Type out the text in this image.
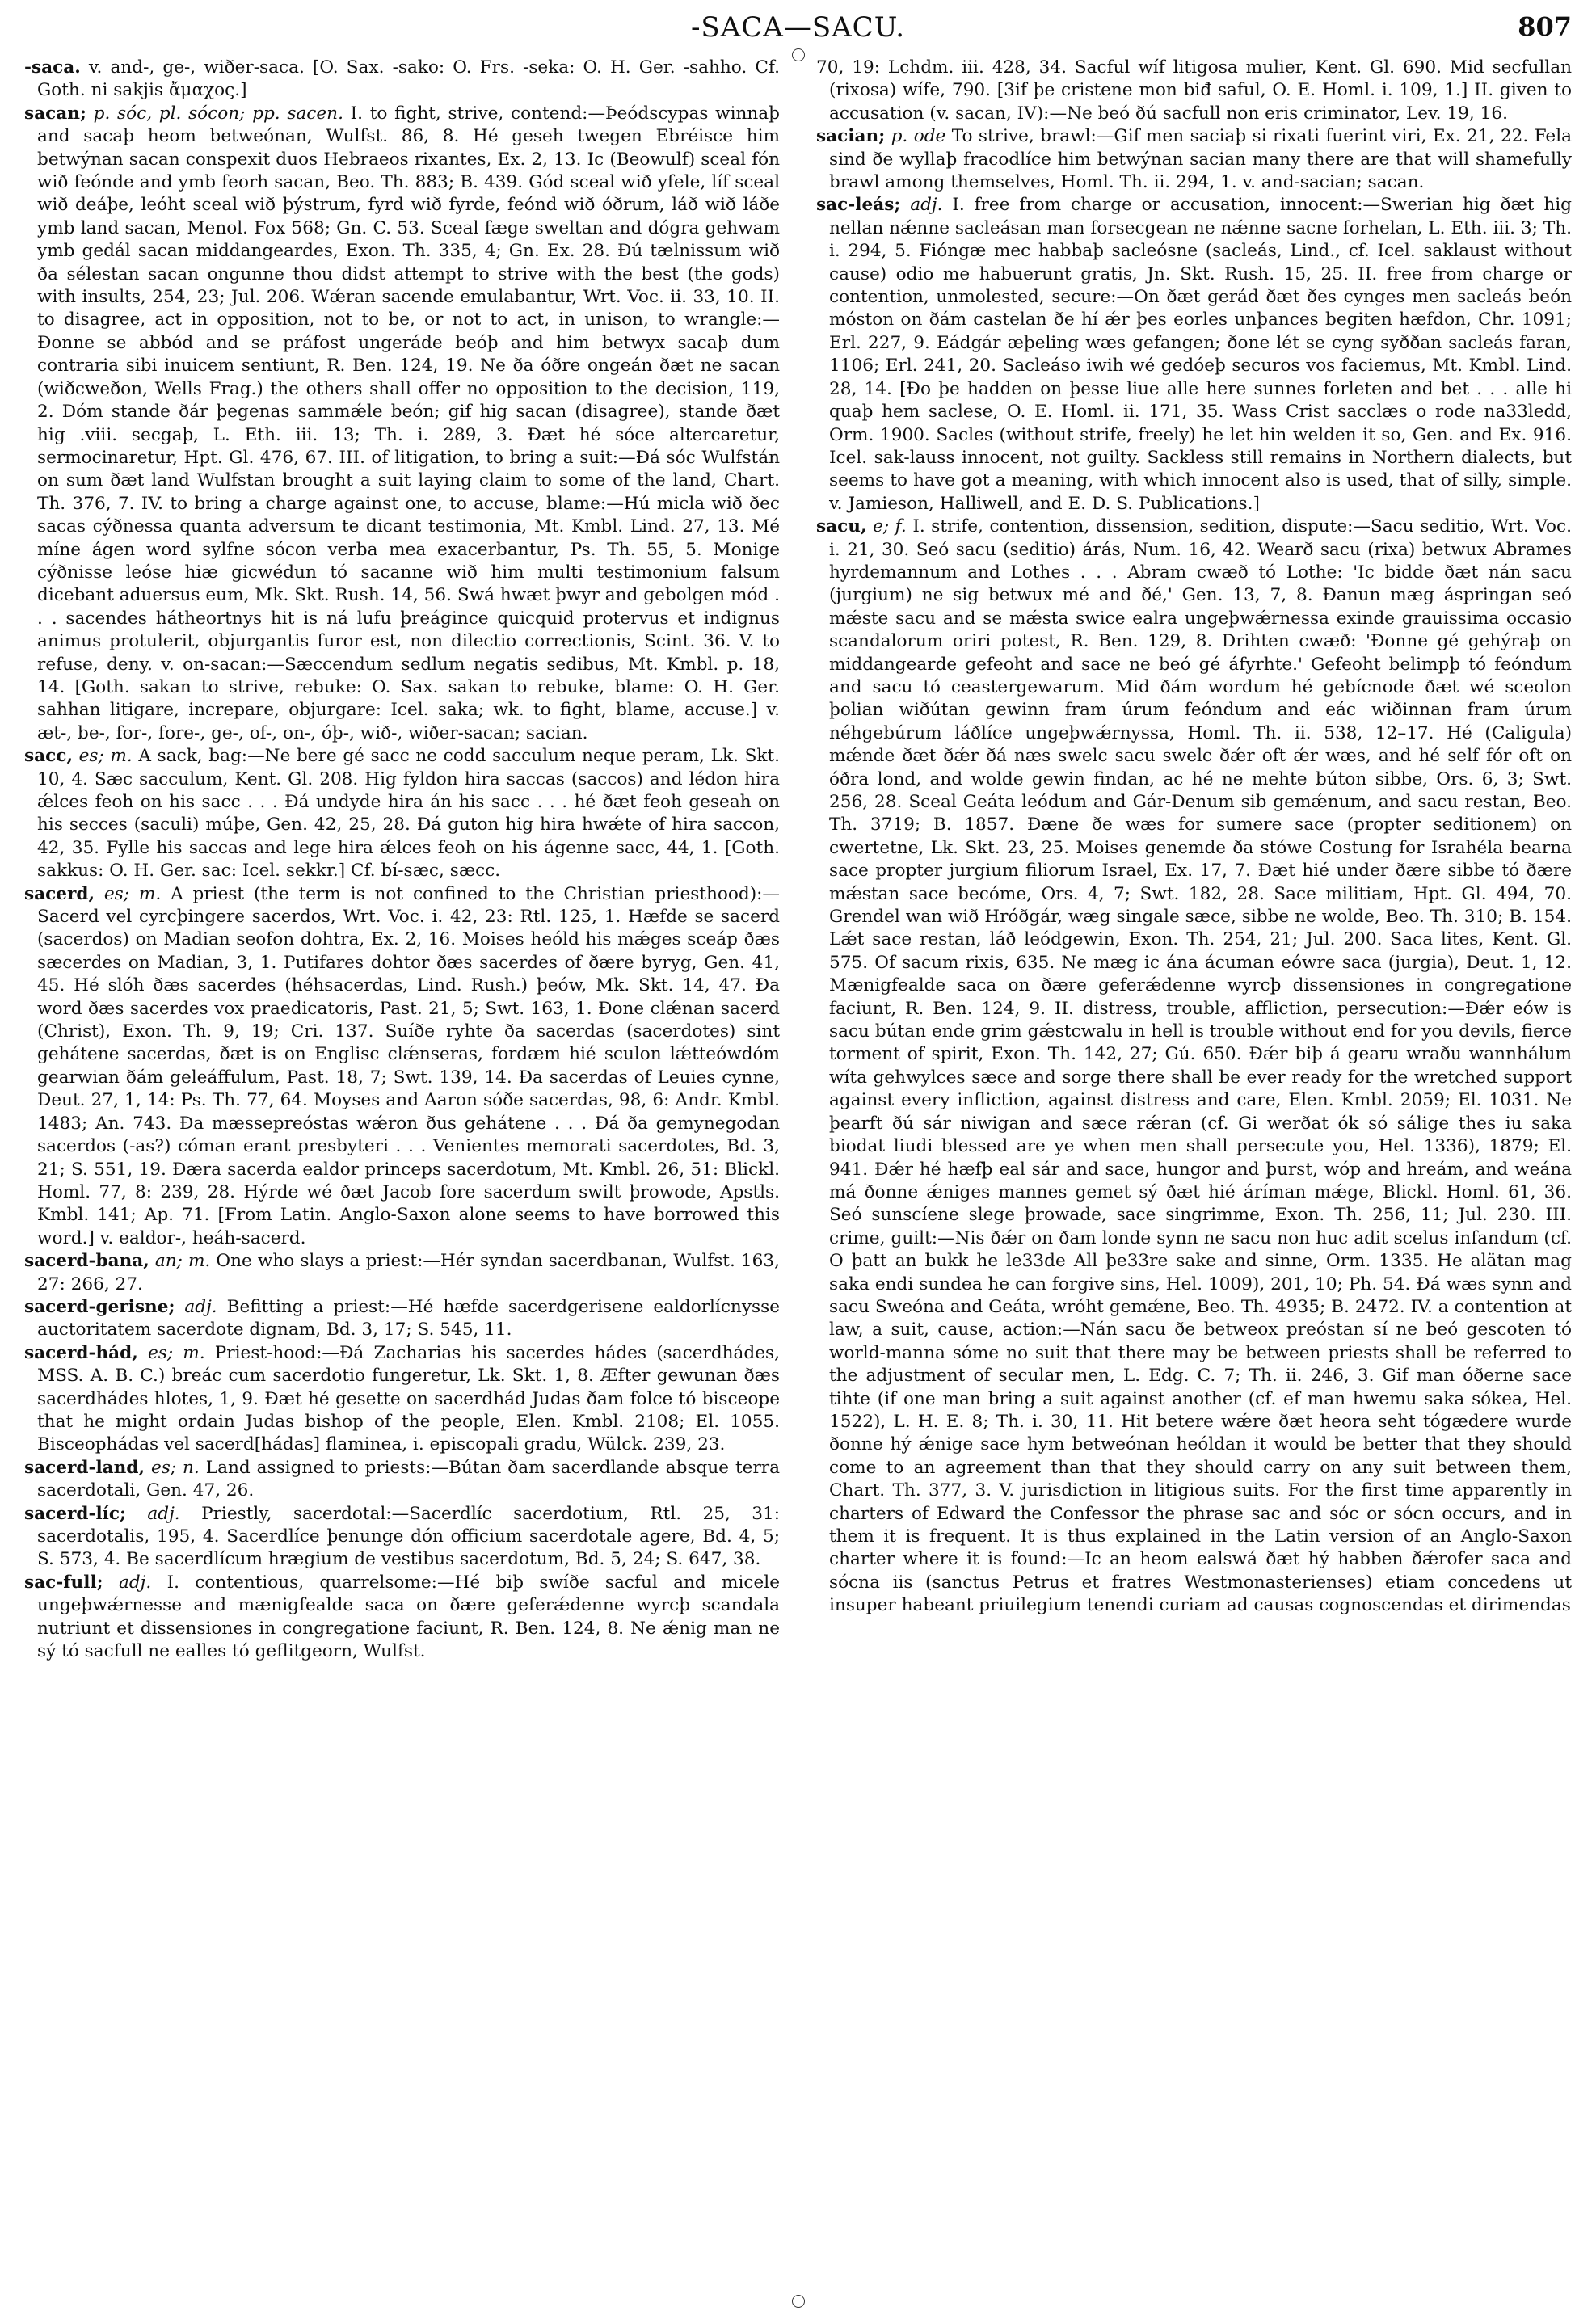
-SACA—SACU.	807

-saca. v. and-, ge-, wiðer-saca. [O. Sax. -sako: O. Frs. -seka: O. H. Ger. -sahho. Cf. Goth. ni sakjis ἄμαχος.]

sacan; p. sóc, pl. sócon; pp. sacen. I. to fight, strive, contend:—Þeódscypas winnaþ and sacaþ heom betweónan, Wulfst. 86, 8. Hé geseh twegen Ebréisce him betwýnan sacan conspexit duos Hebraeos rixantes, Ex. 2, 13. Ic (Beowulf) sceal fón wið feónde and ymb feorh sacan, Beo. Th. 883; B. 439. Gód sceal wið yfele, líf sceal wið deáþe, leóht sceal wið þýstrum, fyrd wið fyrde, feónd wið óðrum, láð wið láðe ymb land sacan, Menol. Fox 568; Gn. C. 53. Sceal fæge sweltan and dógra gehwam ymb gedál sacan middangeardes, Exon. Th. 335, 4; Gn. Ex. 28. Ðú tælnissum wið ða sélestan sacan ongunne thou didst attempt to strive with the best (the gods) with insults, 254, 23; Jul. 206. Wǽran sacende emulabantur, Wrt. Voc. ii. 33, 10. II. to disagree, act in opposition, not to be, or not to act, in unison, to wrangle:—Ðonne se abbód and se práfost ungeráde beóþ and him betwyx sacaþ dum contraria sibi inuicem sentiunt, R. Ben. 124, 19. Ne ða óðre ongeán ðæt ne sacan (wiðcweðon, Wells Frag.) the others shall offer no opposition to the decision, 119, 2. Dóm stande ðár þegenas sammǽle beón; gif hig sacan (disagree), stande ðæt hig .viii. secgaþ, L. Eth. iii. 13; Th. i. 289, 3. Ðæt hé sóce altercaretur, sermocinaretur, Hpt. Gl. 476, 67. III. of litigation, to bring a suit:—Ðá sóc Wulfstán on sum ðæt land Wulfstan brought a suit laying claim to some of the land, Chart. Th. 376, 7. IV. to bring a charge against one, to accuse, blame:—Hú micla wið ðec sacas cýðnessa quanta adversum te dicant testimonia, Mt. Kmbl. Lind. 27, 13. Mé míne ágen word sylfne sócon verba mea exacerbantur, Ps. Th. 55, 5. Monige cýðnisse leóse hiæ gicwédun tó sacanne wið him multi testimonium falsum dicebant aduersus eum, Mk. Skt. Rush. 14, 56. Swá hwæt þwyr and gebolgen mód . . . sacendes hátheortnys hit is ná lufu þreágince quicquid protervus et indignus animus protulerit, objurgantis furor est, non dilectio correctionis, Scint. 36. V. to refuse, deny. v. on-sacan:—Sæccendum sedlum negatis sedibus, Mt. Kmbl. p. 18, 14. [Goth. sakan to strive, rebuke: O. Sax. sakan to rebuke, blame: O. H. Ger. sahhan litigare, increpare, objurgare: Icel. saka; wk. to fight, blame, accuse.] v. æt-, be-, for-, fore-, ge-, of-, on-, óþ-, wið-, wiðer-sacan; sacian.

sacc, es; m. A sack, bag:—Ne bere gé sacc ne codd sacculum neque peram, Lk. Skt. 10, 4. Sæc sacculum, Kent. Gl. 208. Hig fyldon hira saccas (saccos) and lédon hira ǽlces feoh on his sacc . . . Ðá undyde hira án his sacc . . . hé ðæt feoh geseah on his secces (saculi) múþe, Gen. 42, 25, 28. Ðá guton hig hira hwǽte of hira saccon, 42, 35. Fylle his saccas and lege hira ǽlces feoh on his ágenne sacc, 44, 1. [Goth. sakkus: O. H. Ger. sac: Icel. sekkr.] Cf. bí-sæc, sæcc.

sacerd, es; m. A priest (the term is not confined to the Christian priesthood):—Sacerd vel cyrcþingere sacerdos, Wrt. Voc. i. 42, 23: Rtl. 125, 1. Hæfde se sacerd (sacerdos) on Madian seofon dohtra, Ex. 2, 16. Moises heóld his mǽges sceáp ðæs sæcerdes on Madian, 3, 1. Putifares dohtor ðæs sacerdes of ðære byryg, Gen. 41, 45. Hé slóh ðæs sacerdes (héhsacerdas, Lind. Rush.) þeów, Mk. Skt. 14, 47. Ða word ðæs sacerdes vox praedicatoris, Past. 21, 5; Swt. 163, 1. Ðone clǽnan sacerd (Christ), Exon. Th. 9, 19; Cri. 137. Suíðe ryhte ða sacerdas (sacerdotes) sint gehátene sacerdas, ðæt is on Englisc clǽnseras, fordæm hié sculon lǽtteówdóm gearwian ðám geleáffulum, Past. 18, 7; Swt. 139, 14. Ða sacerdas of Leuies cynne, Deut. 27, 1, 14: Ps. Th. 77, 64. Moyses and Aaron sóðe sacerdas, 98, 6: Andr. Kmbl. 1483; An. 743. Ða mæssepreóstas wǽron ðus gehátene . . . Ðá ða gemynegodan sacerdos (-as?) cóman erant presbyteri . . . Venientes memorati sacerdotes, Bd. 3, 21; S. 551, 19. Ðæra sacerda ealdor princeps sacerdotum, Mt. Kmbl. 26, 51: Blickl. Homl. 77, 8: 239, 28. Hýrde wé ðæt Jacob fore sacerdum swilt þrowode, Apstls. Kmbl. 141; Ap. 71. [From Latin. Anglo-Saxon alone seems to have borrowed this word.] v. ealdor-, heáh-sacerd.

sacerd-bana, an; m. One who slays a priest:—Hér syndan sacerdbanan, Wulfst. 163, 27: 266, 27.

sacerd-gerisne; adj. Befitting a priest:—Hé hæfde sacerdgerisene ealdorlícnysse auctoritatem sacerdote dignam, Bd. 3, 17; S. 545, 11.

sacerd-hád, es; m. Priest-hood:—Ðá Zacharias his sacerdes hádes (sacerdhádes, MSS. A. B. C.) breác cum sacerdotio fungeretur, Lk. Skt. 1, 8. Æfter gewunan ðæs sacerdhádes hlotes, 1, 9. Ðæt hé gesette on sacerdhád Judas ðam folce tó bisceope that he might ordain Judas bishop of the people, Elen. Kmbl. 2108; El. 1055. Bisceophádas vel sacerd[hádas] flaminea, i. episcopali gradu, Wülck. 239, 23.

sacerd-land, es; n. Land assigned to priests:—Bútan ðam sacerdlande absque terra sacerdotali, Gen. 47, 26.

sacerd-líc; adj. Priestly, sacerdotal:—Sacerdlíc sacerdotium, Rtl. 25, 31: sacerdotalis, 195, 4. Sacerdlíce þenunge dón officium sacerdotale agere, Bd. 4, 5; S. 573, 4. Be sacerdlícum hrægium de vestibus sacerdotum, Bd. 5, 24; S. 647, 38.

sac-full; adj. I. contentious, quarrelsome:—Hé biþ swíðe sacful and micele ungeþwǽrnesse and mænigfealde saca on ðære geferǽdenne wyrcþ scandala nutriunt et dissensiones in congregatione faciunt, R. Ben. 124, 8. Ne ǽnig man ne sý tó sacfull ne ealles tó geflitgeorn, Wulfst.

70, 19: Lchdm. iii. 428, 34. Sacful wíf litigosa mulier, Kent. Gl. 690. Mid secfullan (rixosa) wífe, 790. [3if þe cristene mon biđ saful, O. E. Homl. i. 109, 1.] II. given to accusation (v. sacan, IV):—Ne beó ðú sacfull non eris criminator, Lev. 19, 16.

sacian; p. ode To strive, brawl:—Gif men saciaþ si rixati fuerint viri, Ex. 21, 22. Fela sind ðe wyllaþ fracodlíce him betwýnan sacian many there are that will shamefully brawl among themselves, Homl. Th. ii. 294, 1. v. and-sacian; sacan.

sac-leás; adj. I. free from charge or accusation, innocent:—Swerian hig ðæt hig nellan nǽnne sacleásan man forsecgean ne nǽnne sacne forhelan, L. Eth. iii. 3; Th. i. 294, 5. Fióngæ mec habbaþ sacleósne (sacleás, Lind., cf. Icel. saklaust without cause) odio me habuerunt gratis, Jn. Skt. Rush. 15, 25. II. free from charge or contention, unmolested, secure:—On ðæt gerád ðæt ðes cynges men sacleás beón móston on ðám castelan ðe hí ǽr þes eorles unþances begiten hæfdon, Chr. 1091; Erl. 227, 9. Eádgár æþeling wæs gefangen; ðone lét se cyng syððan sacleás faran, 1106; Erl. 241, 20. Sacleáso iwih wé gedóeþ securos vos faciemus, Mt. Kmbl. Lind. 28, 14. [Ðo þe hadden on þesse liue alle here sunnes forleten and bet . . . alle hi quaþ hem saclese, O. E. Homl. ii. 171, 35. Wass Crist sacclæs o rode na33ledd, Orm. 1900. Sacles (without strife, freely) he let hin welden it so, Gen. and Ex. 916. Icel. sak-lauss innocent, not guilty. Sackless still remains in Northern dialects, but seems to have got a meaning, with which innocent also is used, that of silly, simple. v. Jamieson, Halliwell, and E. D. S. Publications.]

sacu, e; f. I. strife, contention, dissension, sedition, dispute:—Sacu seditio, Wrt. Voc. i. 21, 30. Seó sacu (seditio) árás, Num. 16, 42. Wearð sacu (rixa) betwux Abrames hyrdemannum and Lothes . . . Abram cwæð tó Lothe: 'Ic bidde ðæt nán sacu (jurgium) ne sig betwux mé and ðé,' Gen. 13, 7, 8. Ðanun mæg áspringan seó mǽste sacu and se mǽsta swice ealra ungeþwǽrnessa exinde grauissima occasio scandalorum oriri potest, R. Ben. 129, 8. Drihten cwæð: 'Ðonne gé gehýraþ on middangearde gefeoht and sace ne beó gé áfyrhte.' Gefeoht belimpþ tó feóndum and sacu tó ceastergewarum. Mid ðám wordum hé gebícnode ðæt wé sceolon þolian wiðútan gewinn fram úrum feóndum and eác wiðinnan fram úrum néhgebúrum láðlíce ungeþwǽrnyssa, Homl. Th. ii. 538, 12–17. Hé (Caligula) mǽnde ðæt ðǽr ðá næs swelc sacu swelc ðǽr oft ǽr wæs, and hé self fór oft on óðra lond, and wolde gewin findan, ac hé ne mehte búton sibbe, Ors. 6, 3; Swt. 256, 28. Sceal Geáta leódum and Gár-Denum sib gemǽnum, and sacu restan, Beo. Th. 3719; B. 1857. Ðæne ðe wæs for sumere sace (propter seditionem) on cwertetne, Lk. Skt. 23, 25. Moises genemde ða stówe Costung for Israhéla bearna sace propter jurgium filiorum Israel, Ex. 17, 7. Ðæt hié under ðære sibbe tó ðære mǽstan sace becóme, Ors. 4, 7; Swt. 182, 28. Sace militiam, Hpt. Gl. 494, 70. Grendel wan wið Hróðgár, wæg singale sæce, sibbe ne wolde, Beo. Th. 310; B. 154. Lǽt sace restan, láð leódgewin, Exon. Th. 254, 21; Jul. 200. Saca lites, Kent. Gl. 575. Of sacum rixis, 635. Ne mæg ic ána ácuman eówre saca (jurgia), Deut. 1, 12. Mænigfealde saca on ðære geferǽdenne wyrcþ dissensiones in congregatione faciunt, R. Ben. 124, 9. II. distress, trouble, affliction, persecution:—Ðǽr eów is sacu bútan ende grim gǽstcwalu in hell is trouble without end for you devils, fierce torment of spirit, Exon. Th. 142, 27; Gú. 650. Ðǽr biþ á gearu wraðu wannhálum wíta gehwylces sæce and sorge there shall be ever ready for the wretched support against every infliction, against distress and care, Elen. Kmbl. 2059; El. 1031. Ne þearft ðú sár niwigan and sæce rǽran (cf. Gi werðat ók só sálige thes iu saka biodat liudi blessed are ye when men shall persecute you, Hel. 1336), 1879; El. 941. Ðǽr hé hæfþ eal sár and sace, hungor and þurst, wóp and hreám, and weána má ðonne ǽniges mannes gemet sý ðæt hié áríman mǽge, Blickl. Homl. 61, 36. Seó sunscíene slege þrowade, sace singrimme, Exon. Th. 256, 11; Jul. 230. III. crime, guilt:—Nis ðǽr on ðam londe synn ne sacu non huc adit scelus infandum (cf. O þatt an bukk he le33de All þe33re sake and sinne, Orm. 1335. He alätan mag saka endi sundea he can forgive sins, Hel. 1009), 201, 10; Ph. 54. Ðá wæs synn and sacu Sweóna and Geáta, wróht gemǽne, Beo. Th. 4935; B. 2472. IV. a contention at law, a suit, cause, action:—Nán sacu ðe betweox preóstan sí ne beó gescoten tó world-manna sóme no suit that there may be between priests shall be referred to the adjustment of secular men, L. Edg. C. 7; Th. ii. 246, 3. Gif man óðerne sace tihte (if one man bring a suit against another (cf. ef man hwemu saka sókea, Hel. 1522), L. H. E. 8; Th. i. 30, 11. Hit betere wǽre ðæt heora seht tógædere wurde ðonne hý ǽnige sace hym betweónan heóldan it would be better that they should come to an agreement than that they should carry on any suit between them, Chart. Th. 377, 3. V. jurisdiction in litigious suits. For the first time apparently in charters of Edward the Confessor the phrase sac and sóc or sócn occurs, and in them it is frequent. It is thus explained in the Latin version of an Anglo-Saxon charter where it is found:—Ic an heom ealswá ðæt hý habben ðǽrofer saca and sócna iis (sanctus Petrus et fratres Westmonasterienses) etiam concedens ut insuper habeant priuilegium tenendi curiam ad causas cognoscendas et dirimendas
